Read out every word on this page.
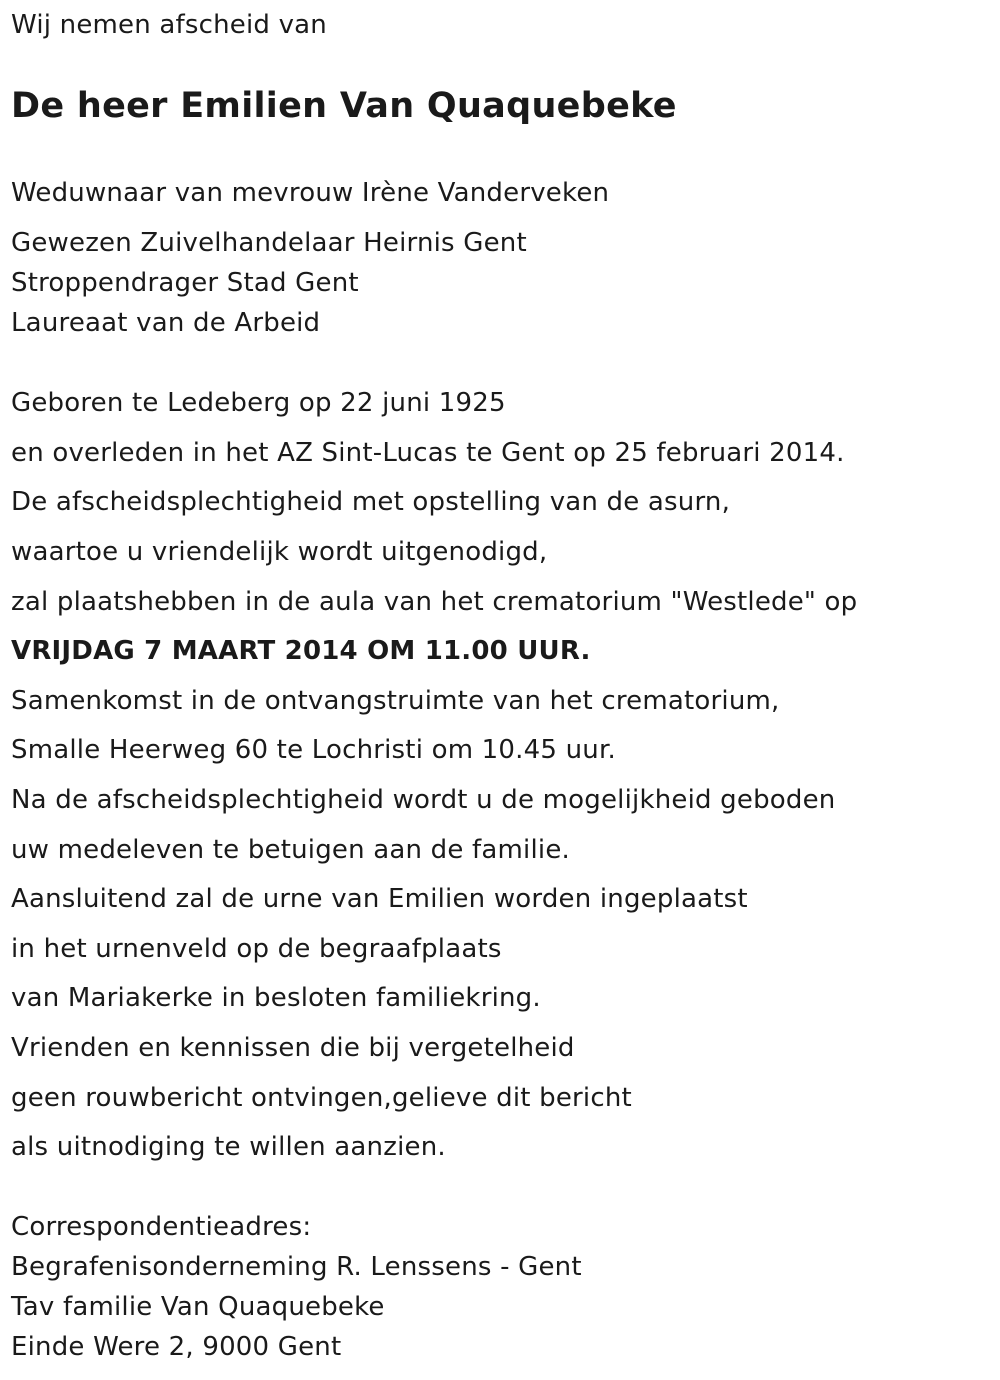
Wij nemen afscheid van
De heer Emilien Van Quaquebeke
Weduwnaar van mevrouw Irène Vanderveken
Gewezen Zuivelhandelaar Heirnis Gent
Stroppendrager Stad Gent
Laureaat van de Arbeid
Geboren te Ledeberg op 22 juni 1925
en overleden in het AZ Sint-Lucas te Gent op 25 februari 2014.
De afscheidsplechtigheid met opstelling van de asurn,
waartoe u vriendelijk wordt uitgenodigd,
zal plaatshebben in de aula van het crematorium "Westlede" op
VRIJDAG 7 MAART 2014 OM 11.00 UUR.
Samenkomst in de ontvangstruimte van het crematorium,
Smalle Heerweg 60 te Lochristi om 10.45 uur.
Na de afscheidsplechtigheid wordt u de mogelijkheid geboden
uw medeleven te betuigen aan de familie.
Aansluitend zal de urne van Emilien worden ingeplaatst
in het urnenveld op de begraafplaats
van Mariakerke in besloten familiekring.
Vrienden en kennissen die bij vergetelheid
geen rouwbericht ontvingen,gelieve dit bericht
als uitnodiging te willen aanzien.
Correspondentieadres:
Begrafenisonderneming R. Lenssens - Gent
Tav familie Van Quaquebeke
Einde Were 2, 9000 Gent
